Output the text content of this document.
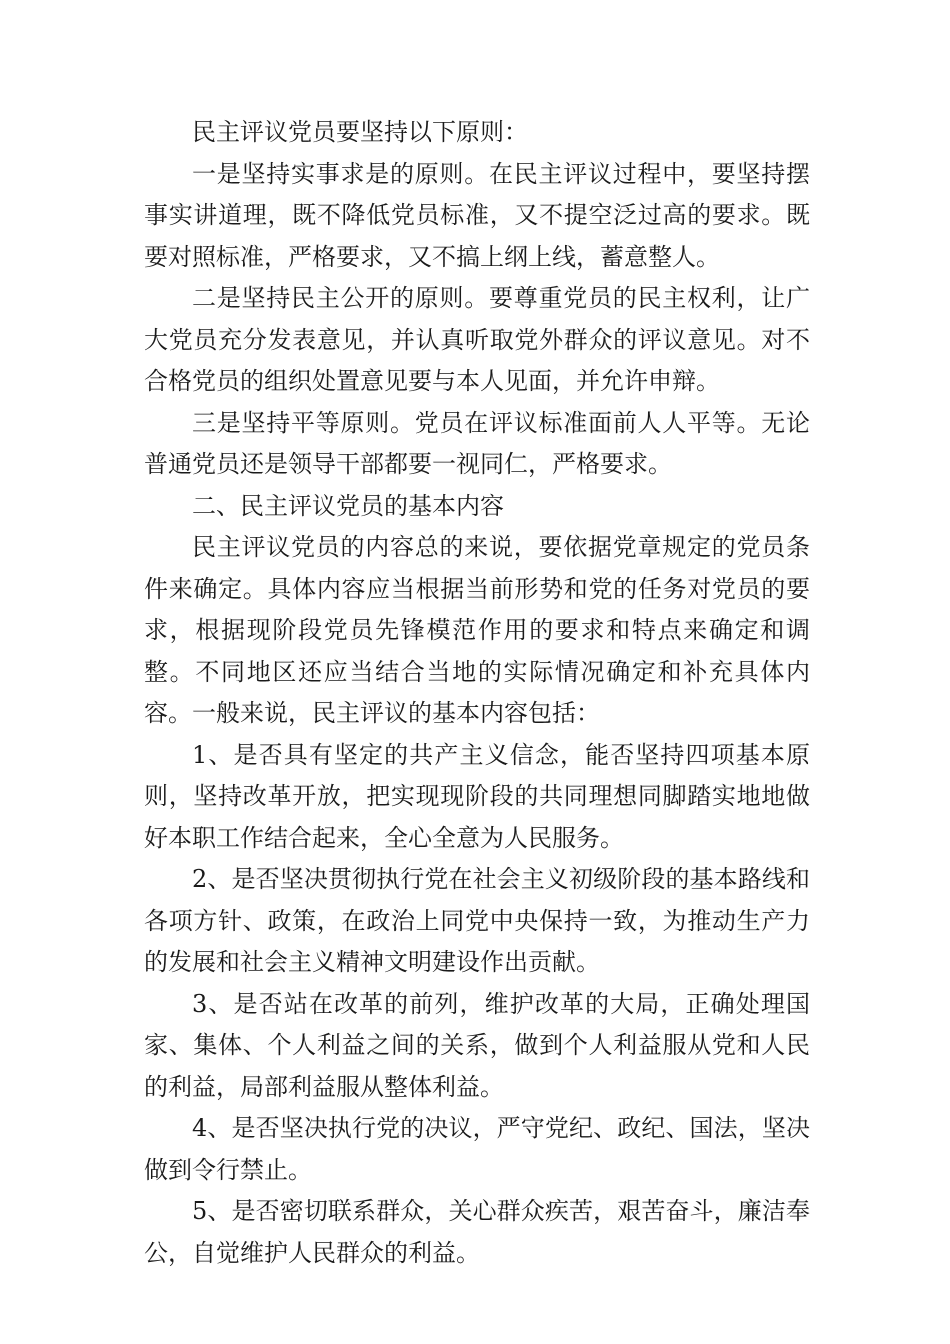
民主评议党员要坚持以下原则：

一是坚持实事求是的原则。在民主评议过程中，要坚持摆事实讲道理，既不降低党员标准，又不提空泛过高的要求。既要对照标准，严格要求，又不搞上纲上线，蓄意整人。

二是坚持民主公开的原则。要尊重党员的民主权利，让广大党员充分发表意见，并认真听取党外群众的评议意见。对不合格党员的组织处置意见要与本人见面，并允许申辩。

三是坚持平等原则。党员在评议标准面前人人平等。无论普通党员还是领导干部都要一视同仁，严格要求。

二、民主评议党员的基本内容

民主评议党员的内容总的来说，要依据党章规定的党员条件来确定。具体内容应当根据当前形势和党的任务对党员的要求，根据现阶段党员先锋模范作用的要求和特点来确定和调整。不同地区还应当结合当地的实际情况确定和补充具体内容。一般来说，民主评议的基本内容包括：

1、是否具有坚定的共产主义信念，能否坚持四项基本原则，坚持改革开放，把实现现阶段的共同理想同脚踏实地地做好本职工作结合起来，全心全意为人民服务。

2、是否坚决贯彻执行党在社会主义初级阶段的基本路线和各项方针、政策，在政治上同党中央保持一致，为推动生产力的发展和社会主义精神文明建设作出贡献。

3、是否站在改革的前列，维护改革的大局，正确处理国家、集体、个人利益之间的关系，做到个人利益服从党和人民的利益，局部利益服从整体利益。

4、是否坚决执行党的决议，严守党纪、政纪、国法，坚决做到令行禁止。

5、是否密切联系群众，关心群众疾苦，艰苦奋斗，廉洁奉公，自觉维护人民群众的利益。
